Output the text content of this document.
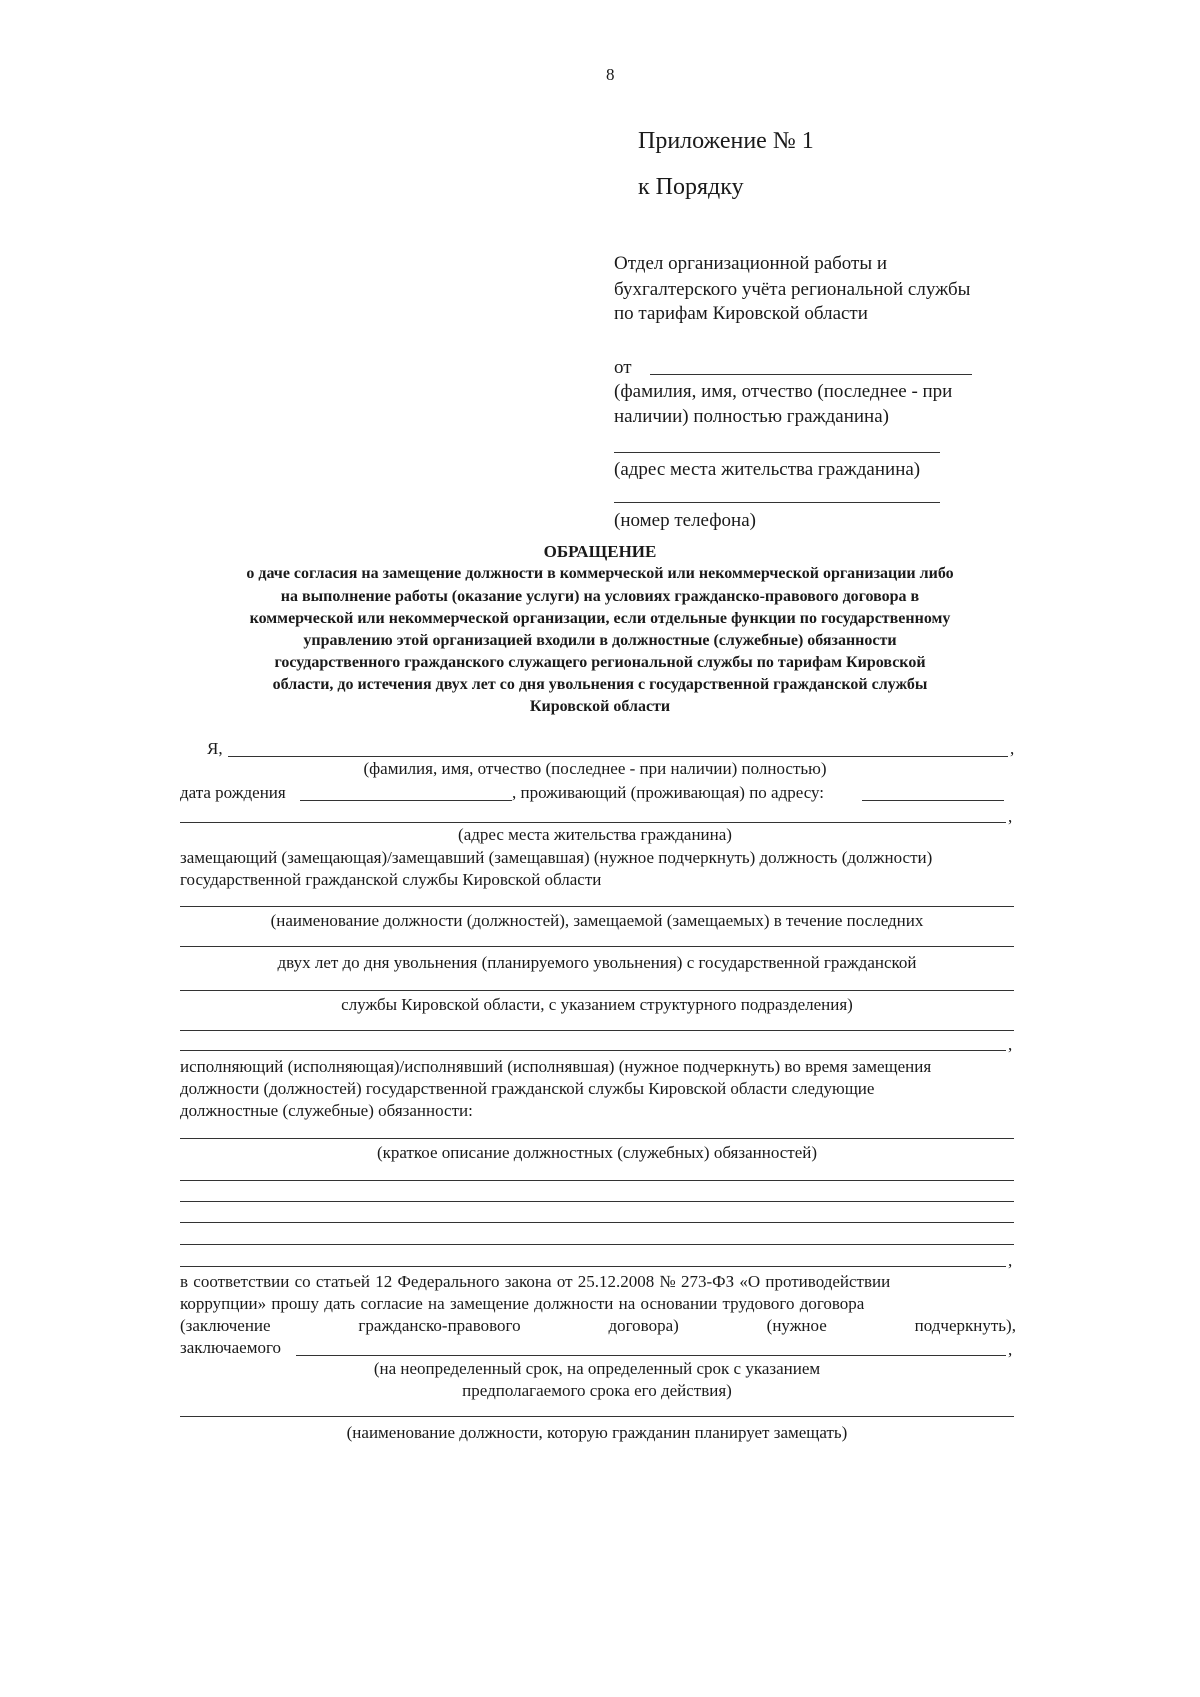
8
Приложение № 1
к Порядку
Отдел организационной работы и
бухгалтерского учёта региональной службы
по тарифам Кировской области
от
(фамилия, имя, отчество (последнее - при
наличии) полностью гражданина)
(адрес места жительства гражданина)
(номер телефона)
ОБРАЩЕНИЕ
о даче согласия на замещение должности в коммерческой или некоммерческой организации либо
на выполнение работы (оказание услуги) на условиях гражданско-правового договора в
коммерческой или некоммерческой организации, если отдельные функции по государственному
управлению этой организацией входили в должностные (служебные) обязанности
государственного гражданского служащего региональной службы по тарифам Кировской
области, до истечения двух лет со дня увольнения с государственной гражданской службы
Кировской области
Я,	,
(фамилия, имя, отчество (последнее - при наличии) полностью)
дата рождения	, проживающий (проживающая) по адресу:
,
(адрес места жительства гражданина)
замещающий (замещающая)/замещавший (замещавшая) (нужное подчеркнуть) должность (должности)
государственной гражданской службы Кировской области
(наименование должности (должностей), замещаемой (замещаемых) в течение последних
двух лет до дня увольнения (планируемого увольнения) с государственной гражданской
службы Кировской области, с указанием структурного подразделения)
,
исполняющий (исполняющая)/исполнявший (исполнявшая) (нужное подчеркнуть) во время замещения
должности (должностей) государственной гражданской службы Кировской области следующие
должностные (служебные) обязанности:
(краткое описание должностных (служебных) обязанностей)
,
в соответствии со статьей 12 Федерального закона от 25.12.2008 № 273-ФЗ «О противодействии
коррупции» прошу дать согласие на замещение должности на основании трудового договора
(заключение	гражданско-правового	договора)	(нужное	подчеркнуть),
заключаемого	,
(на неопределенный срок, на определенный срок с указанием
предполагаемого срока его действия)
(наименование должности, которую гражданин планирует замещать)
